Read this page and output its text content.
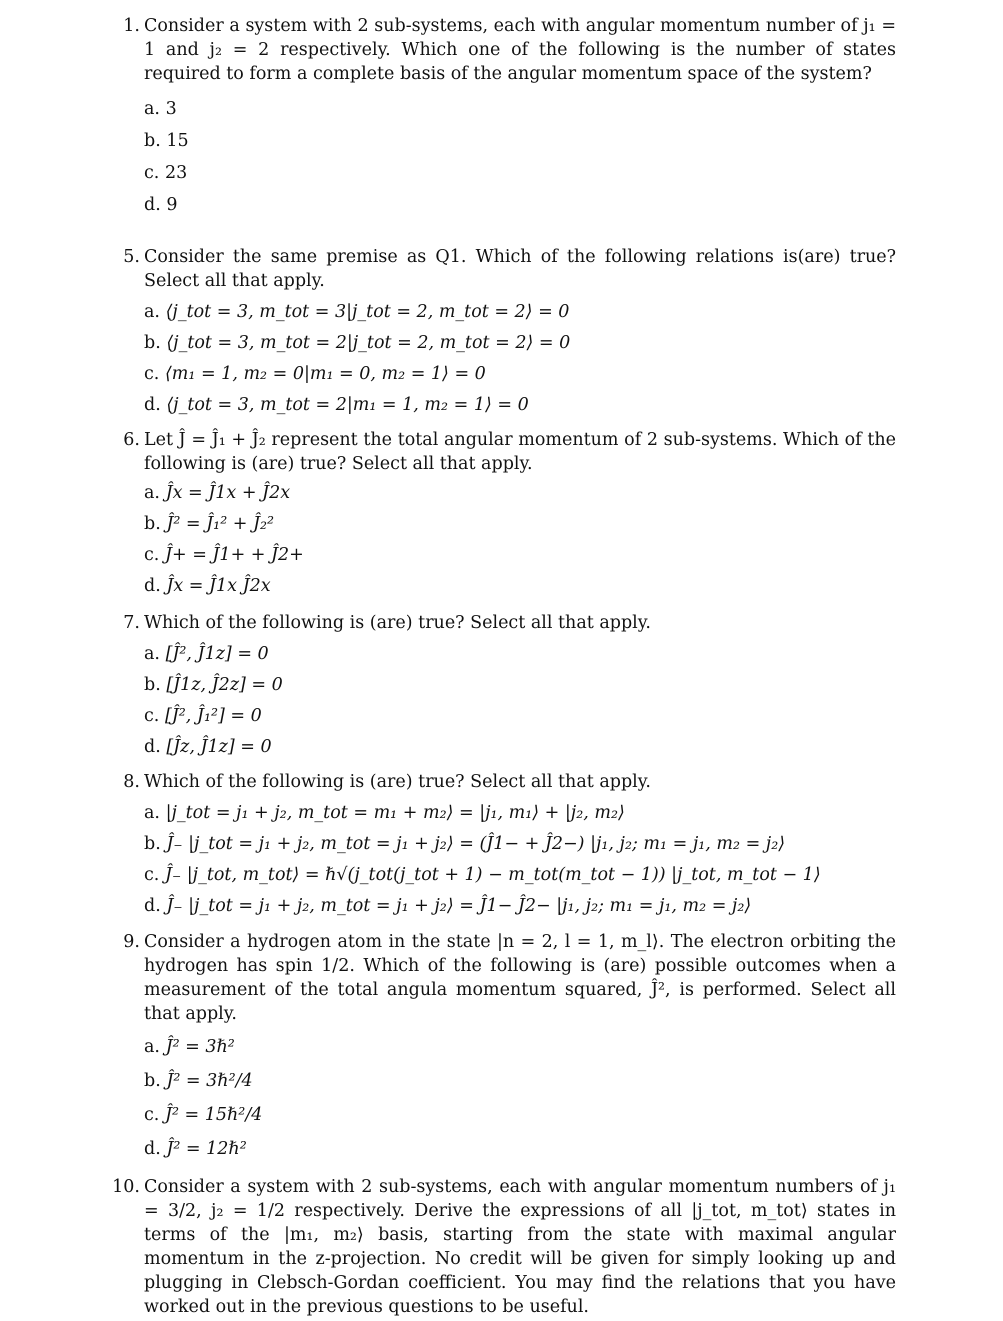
1. Consider a system with 2 sub-systems, each with angular momentum number of j₁ = 1 and j₂ = 2 respectively. Which one of the following is the number of states required to form a complete basis of the angular momentum space of the system?
a. 3
b. 15
c. 23
d. 9
5. Consider the same premise as Q1. Which of the following relations is(are) true? Select all that apply.
a. ⟨j_tot = 3, m_tot = 3|j_tot = 2, m_tot = 2⟩ = 0
b. ⟨j_tot = 3, m_tot = 2|j_tot = 2, m_tot = 2⟩ = 0
c. ⟨m₁ = 1, m₂ = 0|m₁ = 0, m₂ = 1⟩ = 0
d. ⟨j_tot = 3, m_tot = 2|m₁ = 1, m₂ = 1⟩ = 0
6. Let Ĵ = Ĵ₁ + Ĵ₂ represent the total angular momentum of 2 sub-systems. Which of the following is (are) true? Select all that apply.
a. Ĵx = Ĵ1x + Ĵ2x
b. Ĵ² = Ĵ₁² + Ĵ₂²
c. Ĵ+ = Ĵ1+ + Ĵ2+
d. Ĵx = Ĵ1x Ĵ2x
7. Which of the following is (are) true? Select all that apply.
a. [Ĵ², Ĵ1z] = 0
b. [Ĵ1z, Ĵ2z] = 0
c. [Ĵ², Ĵ₁²] = 0
d. [Ĵz, Ĵ1z] = 0
8. Which of the following is (are) true? Select all that apply.
a. |j_tot = j₁ + j₂, m_tot = m₁ + m₂⟩ = |j₁, m₁⟩ + |j₂, m₂⟩
b. Ĵ₋ |j_tot = j₁ + j₂, m_tot = j₁ + j₂⟩ = (Ĵ1− + Ĵ2−) |j₁, j₂; m₁ = j₁, m₂ = j₂⟩
c. Ĵ₋ |j_tot, m_tot⟩ = ℏ√(j_tot(j_tot + 1) − m_tot(m_tot − 1)) |j_tot, m_tot − 1⟩
d. Ĵ₋ |j_tot = j₁ + j₂, m_tot = j₁ + j₂⟩ = Ĵ1− Ĵ2− |j₁, j₂; m₁ = j₁, m₂ = j₂⟩
9. Consider a hydrogen atom in the state |n = 2, l = 1, m_l⟩. The electron orbiting the hydrogen has spin 1/2. Which of the following is (are) possible outcomes when a measurement of the total angula momentum squared, Ĵ², is performed. Select all that apply.
a. Ĵ² = 3ℏ²
b. Ĵ² = 3ℏ²/4
c. Ĵ² = 15ℏ²/4
d. Ĵ² = 12ℏ²
10. Consider a system with 2 sub-systems, each with angular momentum numbers of j₁ = 3/2, j₂ = 1/2 respectively. Derive the expressions of all |j_tot, m_tot⟩ states in terms of the |m₁, m₂⟩ basis, starting from the state with maximal angular momentum in the z-projection. No credit will be given for simply looking up and plugging in Clebsch-Gordan coefficient. You may find the relations that you have worked out in the previous questions to be useful.
